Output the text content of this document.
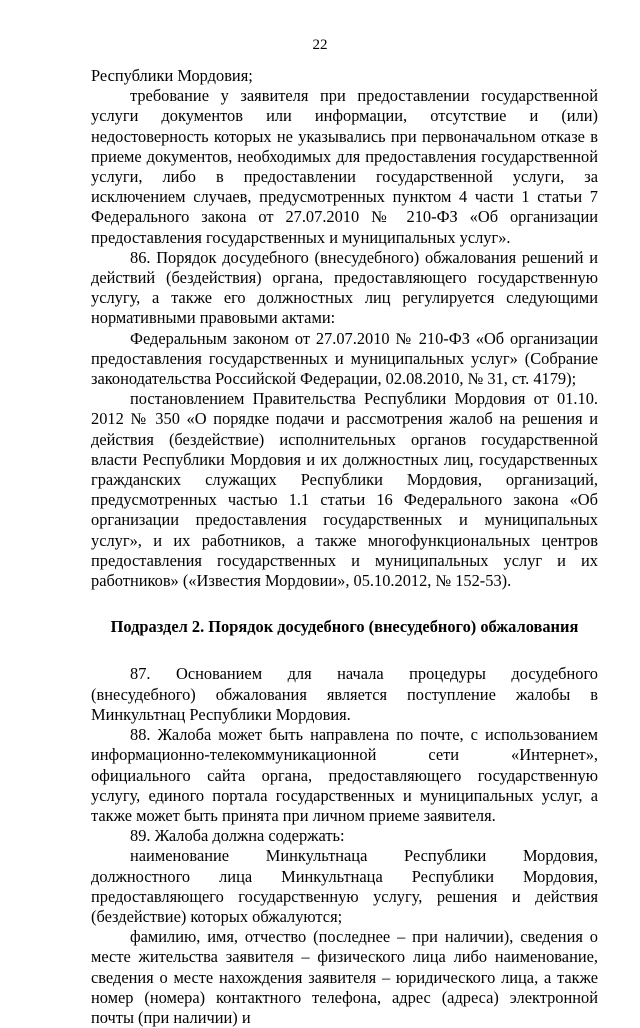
22

Республики Мордовия;

требование у заявителя при предоставлении государственной услуги документов или информации, отсутствие и (или) недостоверность которых не указывались при первоначальном отказе в приеме документов, необходимых для предоставления государственной услуги, либо в предоставлении государственной услуги, за исключением случаев, предусмотренных пунктом 4 части 1 статьи 7 Федерального закона от 27.07.2010 № 210-ФЗ «Об организации предоставления государственных и муниципальных услуг».

86. Порядок досудебного (внесудебного) обжалования решений и действий (бездействия) органа, предоставляющего государственную услугу, а также его должностных лиц регулируется следующими нормативными правовыми актами:

Федеральным законом от 27.07.2010 № 210-ФЗ «Об организации предоставления государственных и муниципальных услуг» (Собрание законодательства Российской Федерации, 02.08.2010, № 31, ст. 4179);

постановлением Правительства Республики Мордовия от 01.10. 2012 № 350 «О порядке подачи и рассмотрения жалоб на решения и действия (бездействие) исполнительных органов государственной власти Республики Мордовия и их должностных лиц, государственных гражданских служащих Республики Мордовия, организаций, предусмотренных частью 1.1 статьи 16 Федерального закона «Об организации предоставления государственных и муниципальных услуг», и их работников, а также многофункциональных центров предоставления государственных и муниципальных услуг и их работников» («Известия Мордовии», 05.10.2012, № 152-53).

Подраздел 2. Порядок досудебного (внесудебного) обжалования

87. Основанием для начала процедуры досудебного (внесудебного) обжалования является поступление жалобы в Минкультнац Республики Мордовия.

88. Жалоба может быть направлена по почте, с использованием информационно-телекоммуникационной сети «Интернет», официального сайта органа, предоставляющего государственную услугу, единого портала государственных и муниципальных услуг, а также может быть принята при личном приеме заявителя.

89. Жалоба должна содержать:

наименование Минкультнаца Республики Мордовия, должностного лица Минкультнаца Республики Мордовия, предоставляющего государственную услугу, решения и действия (бездействие) которых обжалуются;

фамилию, имя, отчество (последнее – при наличии), сведения о месте жительства заявителя – физического лица либо наименование, сведения о месте нахождения заявителя – юридического лица, а также номер (номера) контактного телефона, адрес (адреса) электронной почты (при наличии) и
